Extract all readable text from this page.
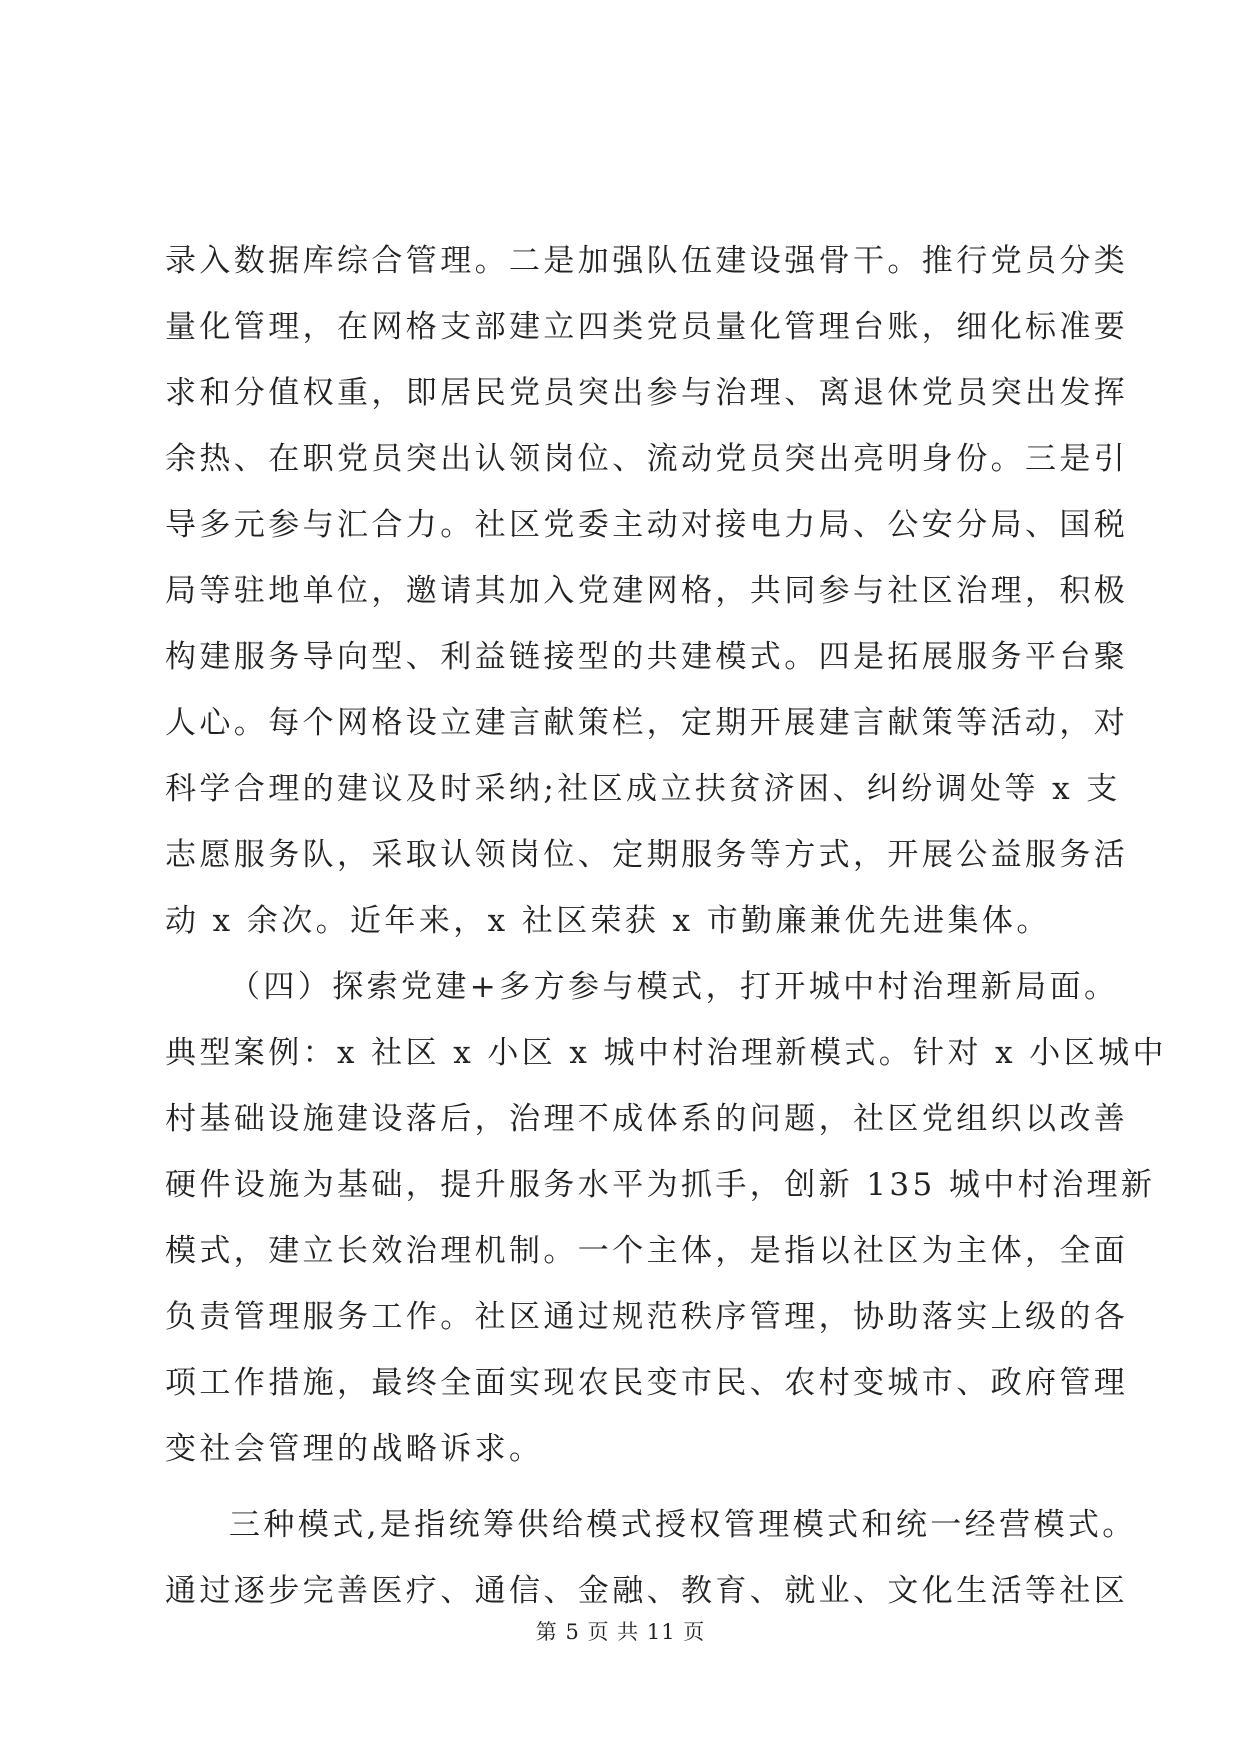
录入数据库综合管理。二是加强队伍建设强骨干。推行党员分类
量化管理，在网格支部建立四类党员量化管理台账，细化标准要
求和分值权重，即居民党员突出参与治理、离退休党员突出发挥
余热、在职党员突出认领岗位、流动党员突出亮明身份。三是引
导多元参与汇合力。社区党委主动对接电力局、公安分局、国税
局等驻地单位，邀请其加入党建网格，共同参与社区治理，积极
构建服务导向型、利益链接型的共建模式。四是拓展服务平台聚
人心。每个网格设立建言献策栏，定期开展建言献策等活动，对
科学合理的建议及时采纳;社区成立扶贫济困、纠纷调处等 x 支
志愿服务队，采取认领岗位、定期服务等方式，开展公益服务活
动 x 余次。近年来，x 社区荣获 x 市勤廉兼优先进集体。
（四）探索党建+多方参与模式，打开城中村治理新局面。
典型案例：x 社区 x 小区 x 城中村治理新模式。针对 x 小区城中
村基础设施建设落后，治理不成体系的问题，社区党组织以改善
硬件设施为基础，提升服务水平为抓手，创新 135 城中村治理新
模式，建立长效治理机制。一个主体，是指以社区为主体，全面
负责管理服务工作。社区通过规范秩序管理，协助落实上级的各
项工作措施，最终全面实现农民变市民、农村变城市、政府管理
变社会管理的战略诉求。
三种模式,是指统筹供给模式授权管理模式和统一经营模式。
通过逐步完善医疗、通信、金融、教育、就业、文化生活等社区
第 5 页 共 11 页
